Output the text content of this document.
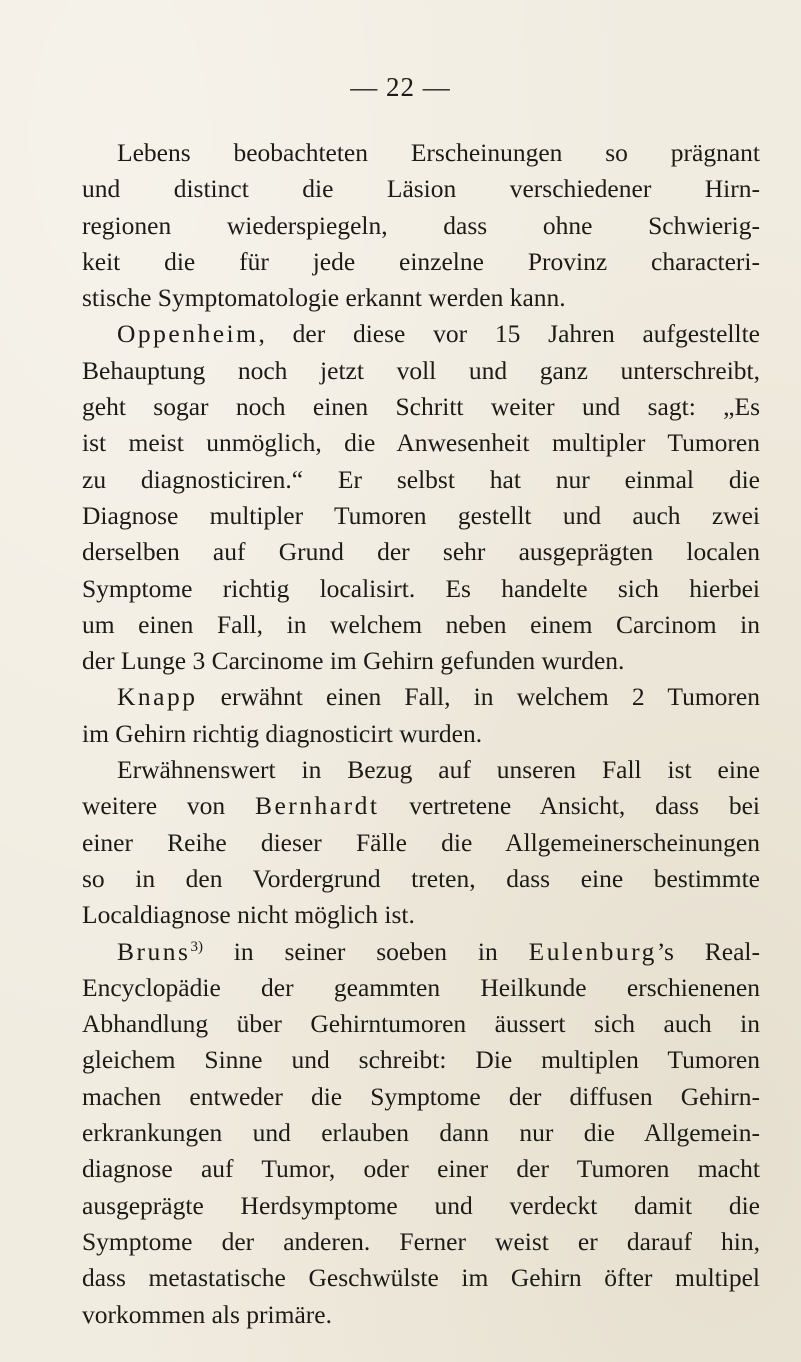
— 22 —
Lebens beobachteten Erscheinungen so prägnant
und distinct die Läsion verschiedener Hirn-
regionen wiederspiegeln, dass ohne Schwierig-
keit die für jede einzelne Provinz characteri-
stische Symptomatologie erkannt werden kann.
Oppenheim, der diese vor 15 Jahren aufgestellte
Behauptung noch jetzt voll und ganz unterschreibt,
geht sogar noch einen Schritt weiter und sagt: „Es
ist meist unmöglich, die Anwesenheit multipler Tumoren
zu diagnosticiren.“ Er selbst hat nur einmal die
Diagnose multipler Tumoren gestellt und auch zwei
derselben auf Grund der sehr ausgeprägten localen
Symptome richtig localisirt. Es handelte sich hierbei
um einen Fall, in welchem neben einem Carcinom in
der Lunge 3 Carcinome im Gehirn gefunden wurden.
Knapp erwähnt einen Fall, in welchem 2 Tumoren
im Gehirn richtig diagnosticirt wurden.
Erwähnenswert in Bezug auf unseren Fall ist eine
weitere von Bernhardt vertretene Ansicht, dass bei
einer Reihe dieser Fälle die Allgemeinerscheinungen
so in den Vordergrund treten, dass eine bestimmte
Localdiagnose nicht möglich ist.
Bruns$^{3)}$ in seiner soeben in Eulenburg’s Real-
Encyclopädie der geammten Heilkunde erschienenen
Abhandlung über Gehirntumoren äussert sich auch in
gleichem Sinne und schreibt: Die multiplen Tumoren
machen entweder die Symptome der diffusen Gehirn-
erkrankungen und erlauben dann nur die Allgemein-
diagnose auf Tumor, oder einer der Tumoren macht
ausgeprägte Herdsymptome und verdeckt damit die
Symptome der anderen. Ferner weist er darauf hin,
dass metastatische Geschwülste im Gehirn öfter multipel
vorkommen als primäre.
